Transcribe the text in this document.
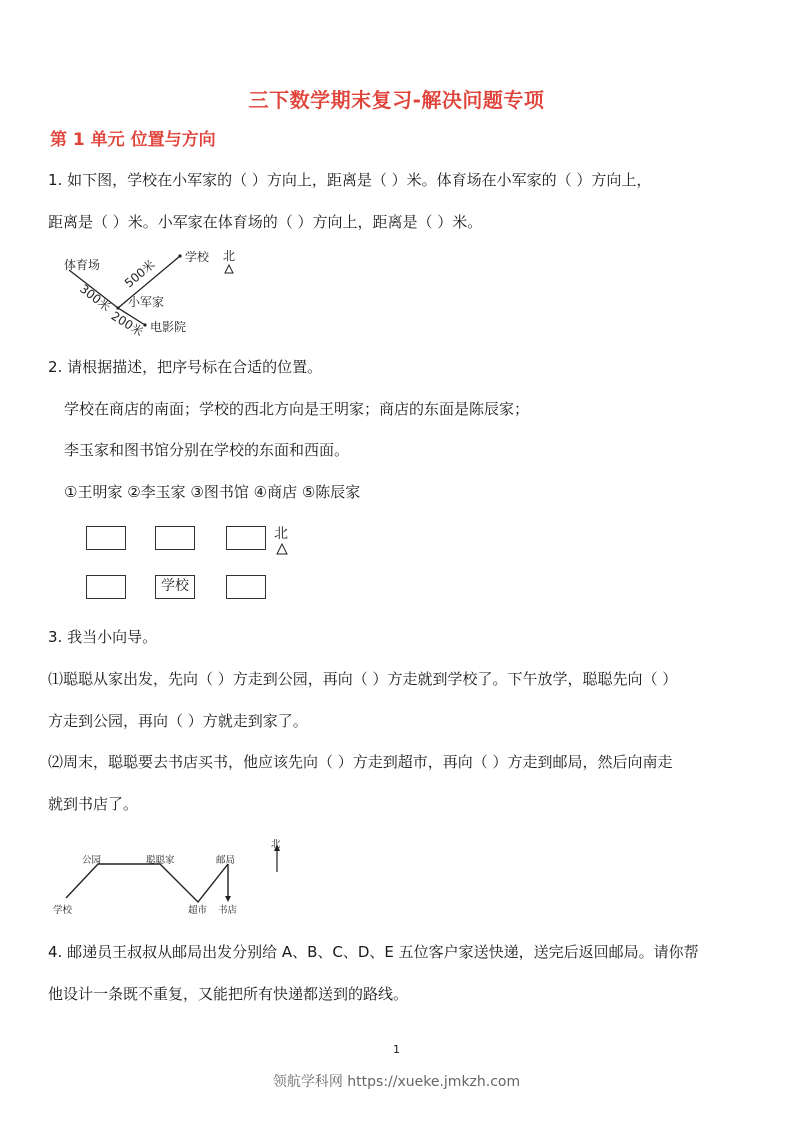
三下数学期末复习-解决问题专项
第 1 单元 位置与方向
1. 如下图，学校在小军家的（ ）方向上，距离是（ ）米。体育场在小军家的（ ）方向上，
距离是（ ）米。小军家在体育场的（ ）方向上，距离是（ ）米。
体育场
学校 北
小军家
电影院
500米
300米
200米
2. 请根据描述，把序号标在合适的位置。
学校在商店的南面；学校的西北方向是王明家；商店的东面是陈辰家；
李玉家和图书馆分别在学校的东面和西面。
①王明家 ②李玉家 ③图书馆 ④商店 ⑤陈辰家
学校
北
3. 我当小向导。
⑴聪聪从家出发，先向（ ）方走到公园，再向（ ）方走就到学校了。下午放学，聪聪先向（ ）
方走到公园，再向（ ）方就走到家了。
⑵周末，聪聪要去书店买书，他应该先向（ ）方走到超市，再向（ ）方走到邮局，然后向南走
就到书店了。
公园	聪聪家	邮局
北
学校	超市 书店
4. 邮递员王叔叔从邮局出发分别给 A、B、C、D、E 五位客户家送快递，送完后返回邮局。请你帮
他设计一条既不重复，又能把所有快递都送到的路线。
1
领航学科网 https://xueke.jmkzh.com
